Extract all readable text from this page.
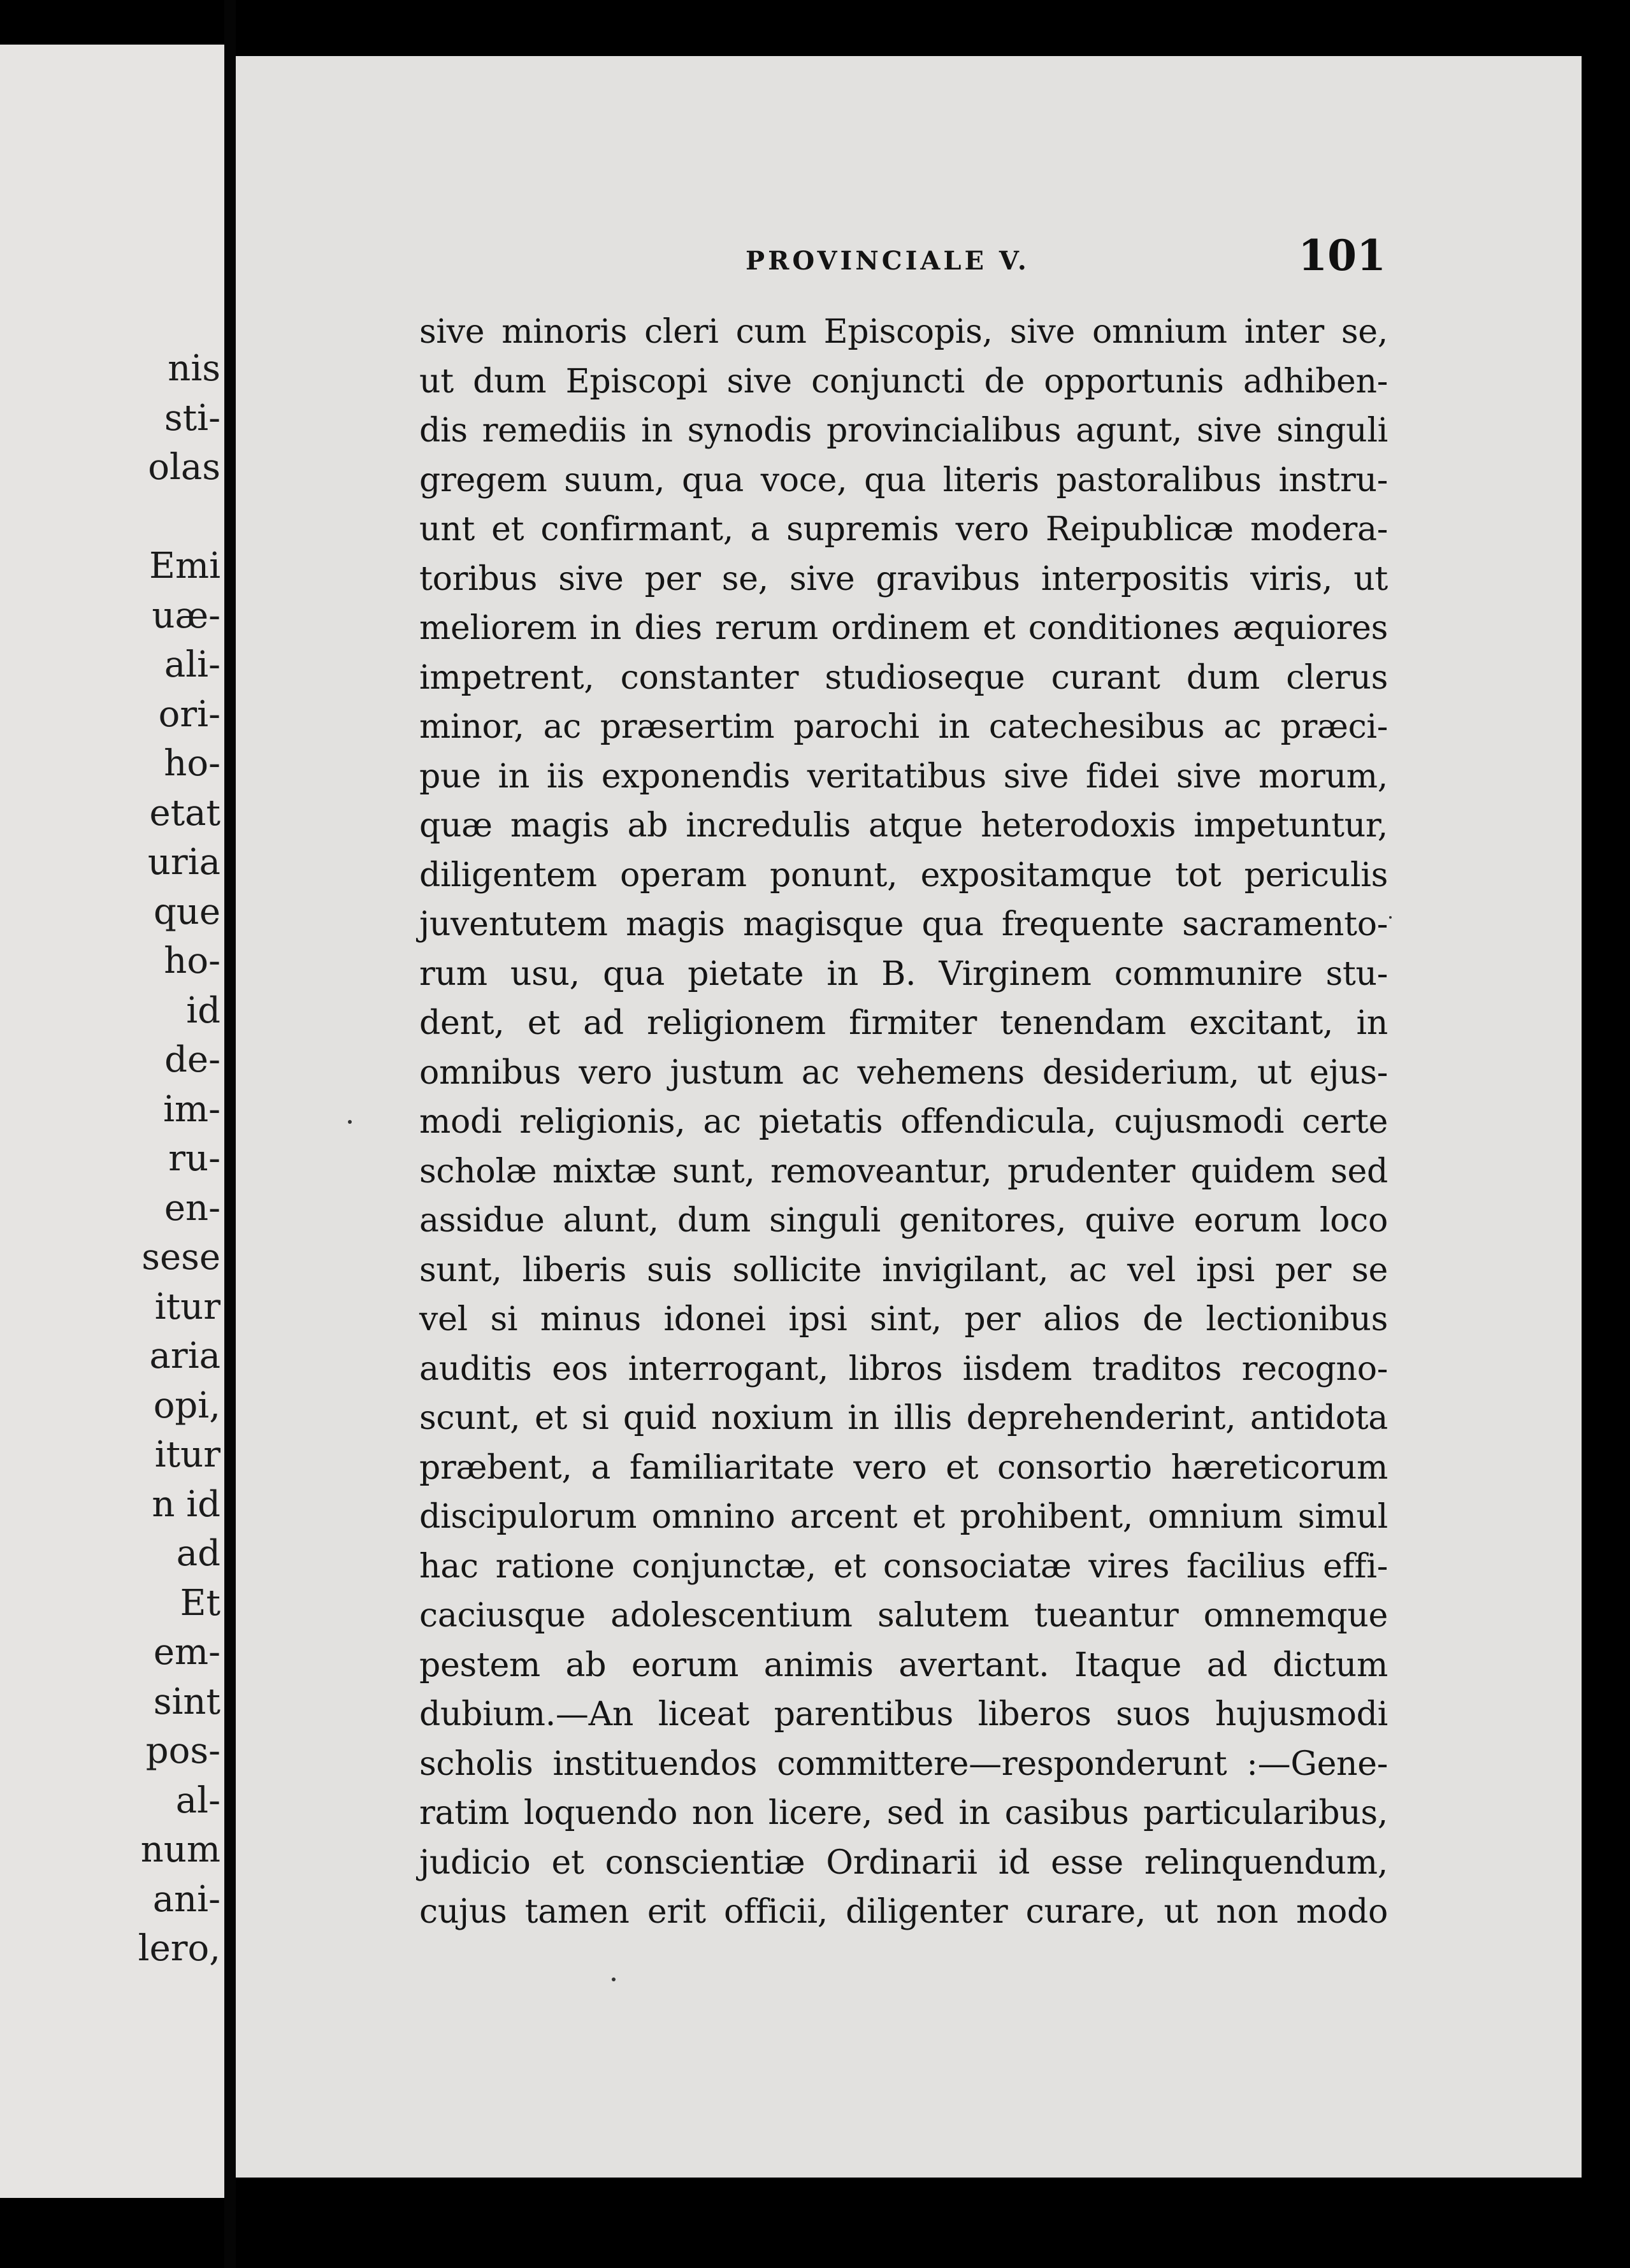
nis
sti-
olas
Emi
uæ-
ali-
ori-
ho-
etat
uria
que
ho-
id
de-
im-
ru-
en-
sese
itur
aria
opi,
itur
n id
ad
Et
em-
sint
pos-
al-
num
ani-
lero,
PROVINCIALE V.	101
sive minoris cleri cum Episcopis, sive omnium inter se,
ut dum Episcopi sive conjuncti de opportunis adhiben-
dis remediis in synodis provincialibus agunt, sive singuli
gregem suum, qua voce, qua literis pastoralibus instru-
unt et confirmant, a supremis vero Reipublicæ modera-
toribus sive per se, sive gravibus interpositis viris, ut
meliorem in dies rerum ordinem et conditiones æquiores
impetrent, constanter studioseque curant dum clerus
minor, ac præsertim parochi in catechesibus ac præci-
pue in iis exponendis veritatibus sive fidei sive morum,
quæ magis ab incredulis atque heterodoxis impetuntur,
diligentem operam ponunt, expositamque tot periculis
juventutem magis magisque qua frequente sacramento-
rum usu, qua pietate in B. Virginem communire stu-
dent, et ad religionem firmiter tenendam excitant, in
omnibus vero justum ac vehemens desiderium, ut ejus-
modi religionis, ac pietatis offendicula, cujusmodi certe
scholæ mixtæ sunt, removeantur, prudenter quidem sed
assidue alunt, dum singuli genitores, quive eorum loco
sunt, liberis suis sollicite invigilant, ac vel ipsi per se
vel si minus idonei ipsi sint, per alios de lectionibus
auditis eos interrogant, libros iisdem traditos recogno-
scunt, et si quid noxium in illis deprehenderint, antidota
præbent, a familiaritate vero et consortio hæreticorum
discipulorum omnino arcent et prohibent, omnium simul
hac ratione conjunctæ, et consociatæ vires facilius effi-
caciusque adolescentium salutem tueantur omnemque
pestem ab eorum animis avertant. Itaque ad dictum
dubium.—An liceat parentibus liberos suos hujusmodi
scholis instituendos committere—responderunt :—Gene-
ratim loquendo non licere, sed in casibus particularibus,
judicio et conscientiæ Ordinarii id esse relinquendum,
cujus tamen erit officii, diligenter curare, ut non modo
